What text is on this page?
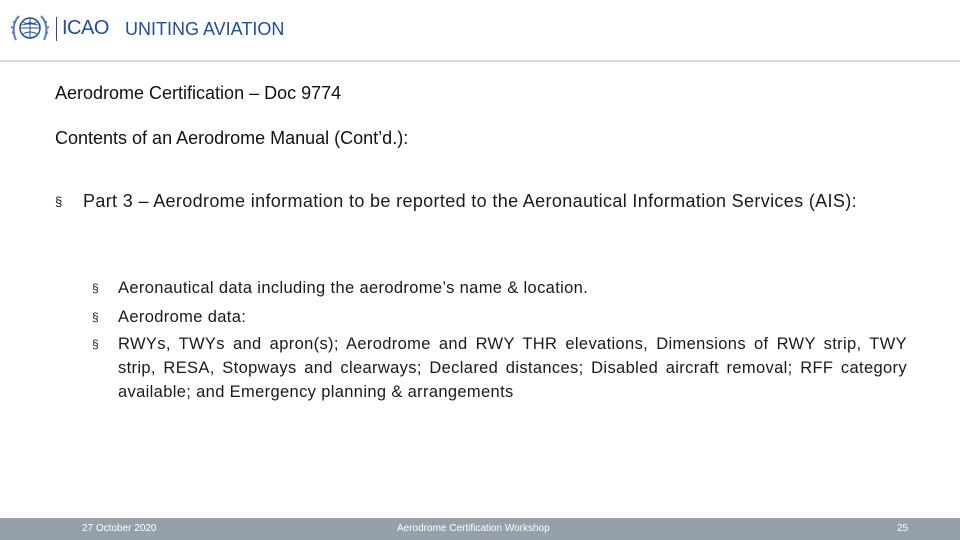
ICAO UNITING AVIATION
Aerodrome Certification – Doc 9774
Contents of an Aerodrome Manual (Cont’d.):
§ Part 3 – Aerodrome information to be reported to the Aeronautical Information Services (AIS):
§ Aeronautical data including the aerodrome’s name & location.
§ Aerodrome data:
§ RWYs, TWYs and apron(s); Aerodrome and RWY THR elevations, Dimensions of RWY strip, TWY strip, RESA, Stopways and clearways; Declared distances; Disabled aircraft removal; RFF category available; and Emergency planning & arrangements
27 October 2020	Aerodrome Certification Workshop	25
